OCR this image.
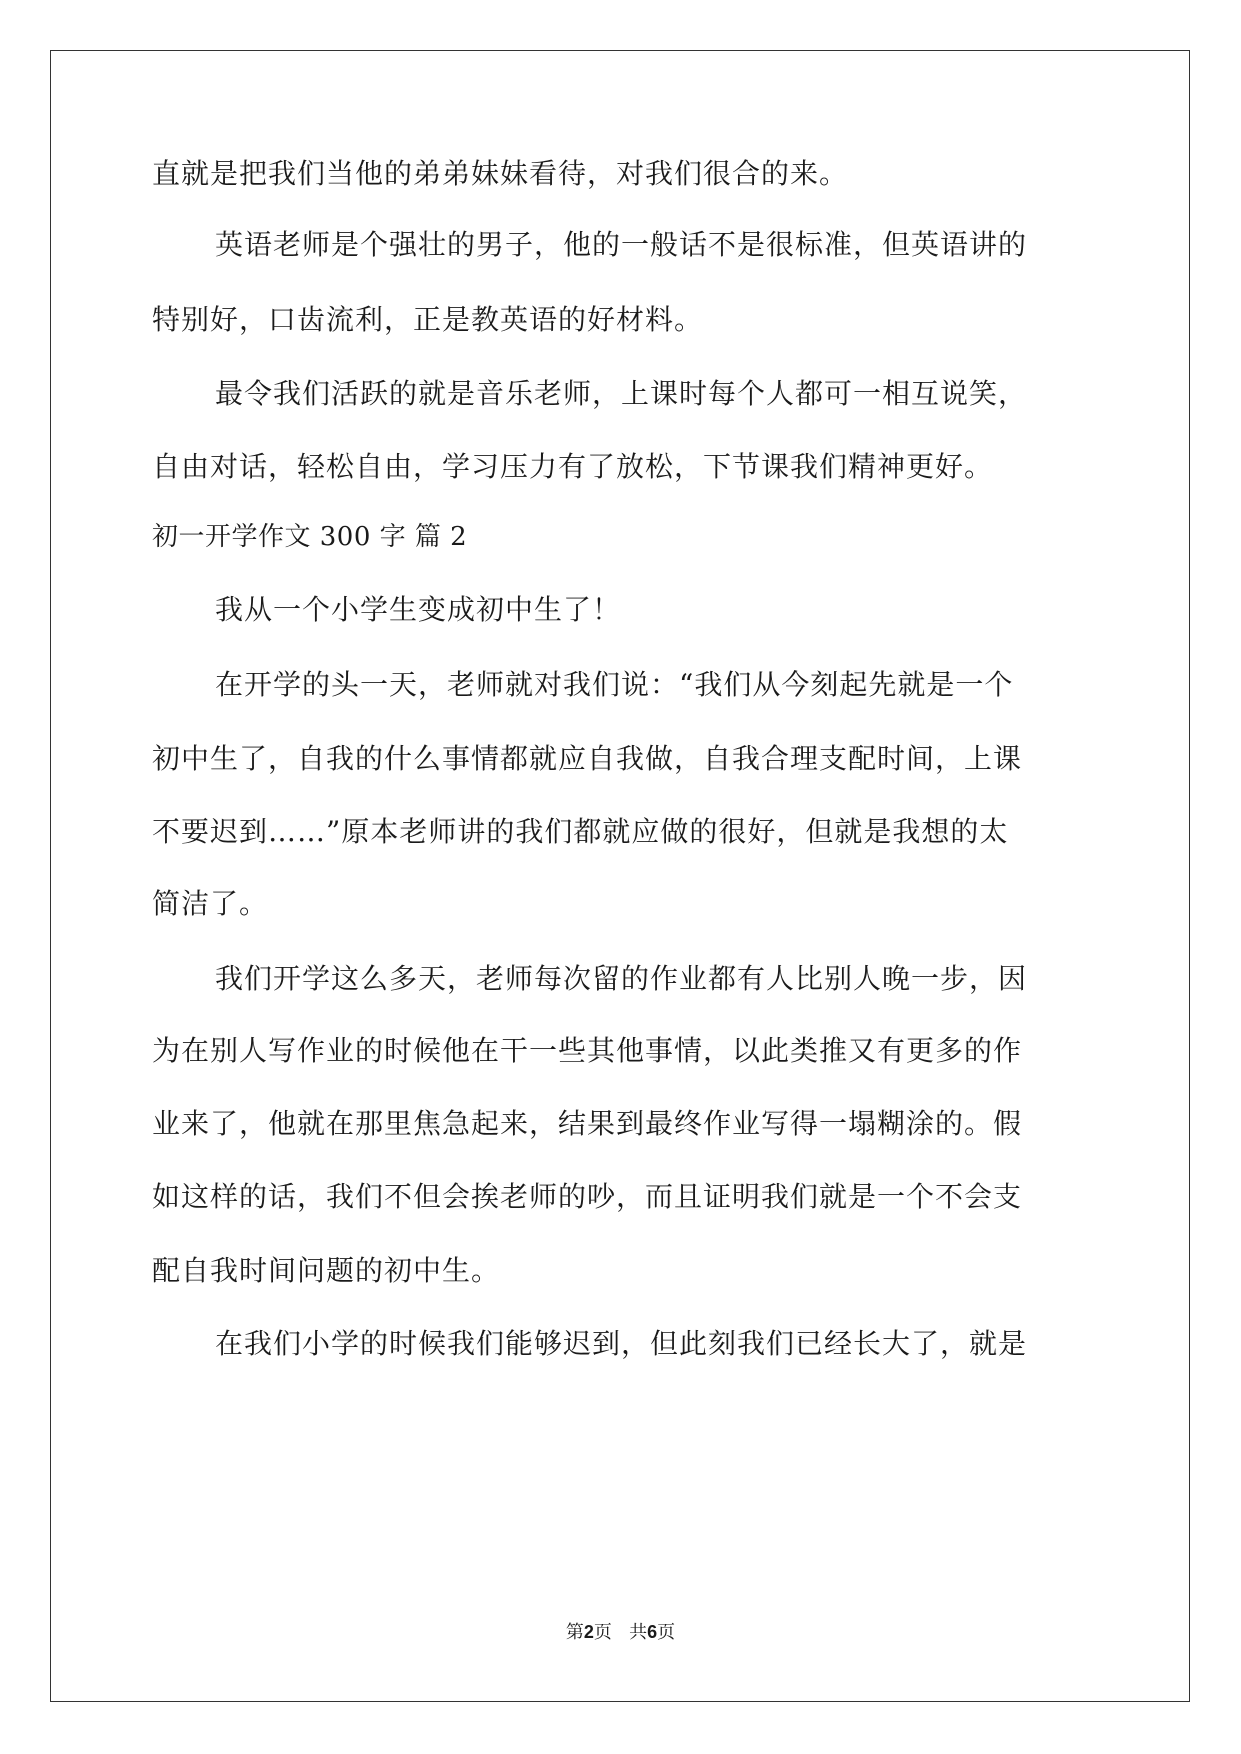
直就是把我们当他的弟弟妹妹看待，对我们很合的来。
英语老师是个强壮的男子，他的一般话不是很标准，但英语讲的
特别好，口齿流利，正是教英语的好材料。
最令我们活跃的就是音乐老师，上课时每个人都可一相互说笑，
自由对话，轻松自由，学习压力有了放松，下节课我们精神更好。
初一开学作文 300 字 篇 2
我从一个小学生变成初中生了！
在开学的头一天，老师就对我们说：“我们从今刻起先就是一个
初中生了，自我的什么事情都就应自我做，自我合理支配时间，上课
不要迟到……”原本老师讲的我们都就应做的很好，但就是我想的太
简洁了。
我们开学这么多天，老师每次留的作业都有人比别人晚一步，因
为在别人写作业的时候他在干一些其他事情，以此类推又有更多的作
业来了，他就在那里焦急起来，结果到最终作业写得一塌糊涂的。假
如这样的话，我们不但会挨老师的吵，而且证明我们就是一个不会支
配自我时间问题的初中生。
在我们小学的时候我们能够迟到，但此刻我们已经长大了，就是
第2页   共6页
